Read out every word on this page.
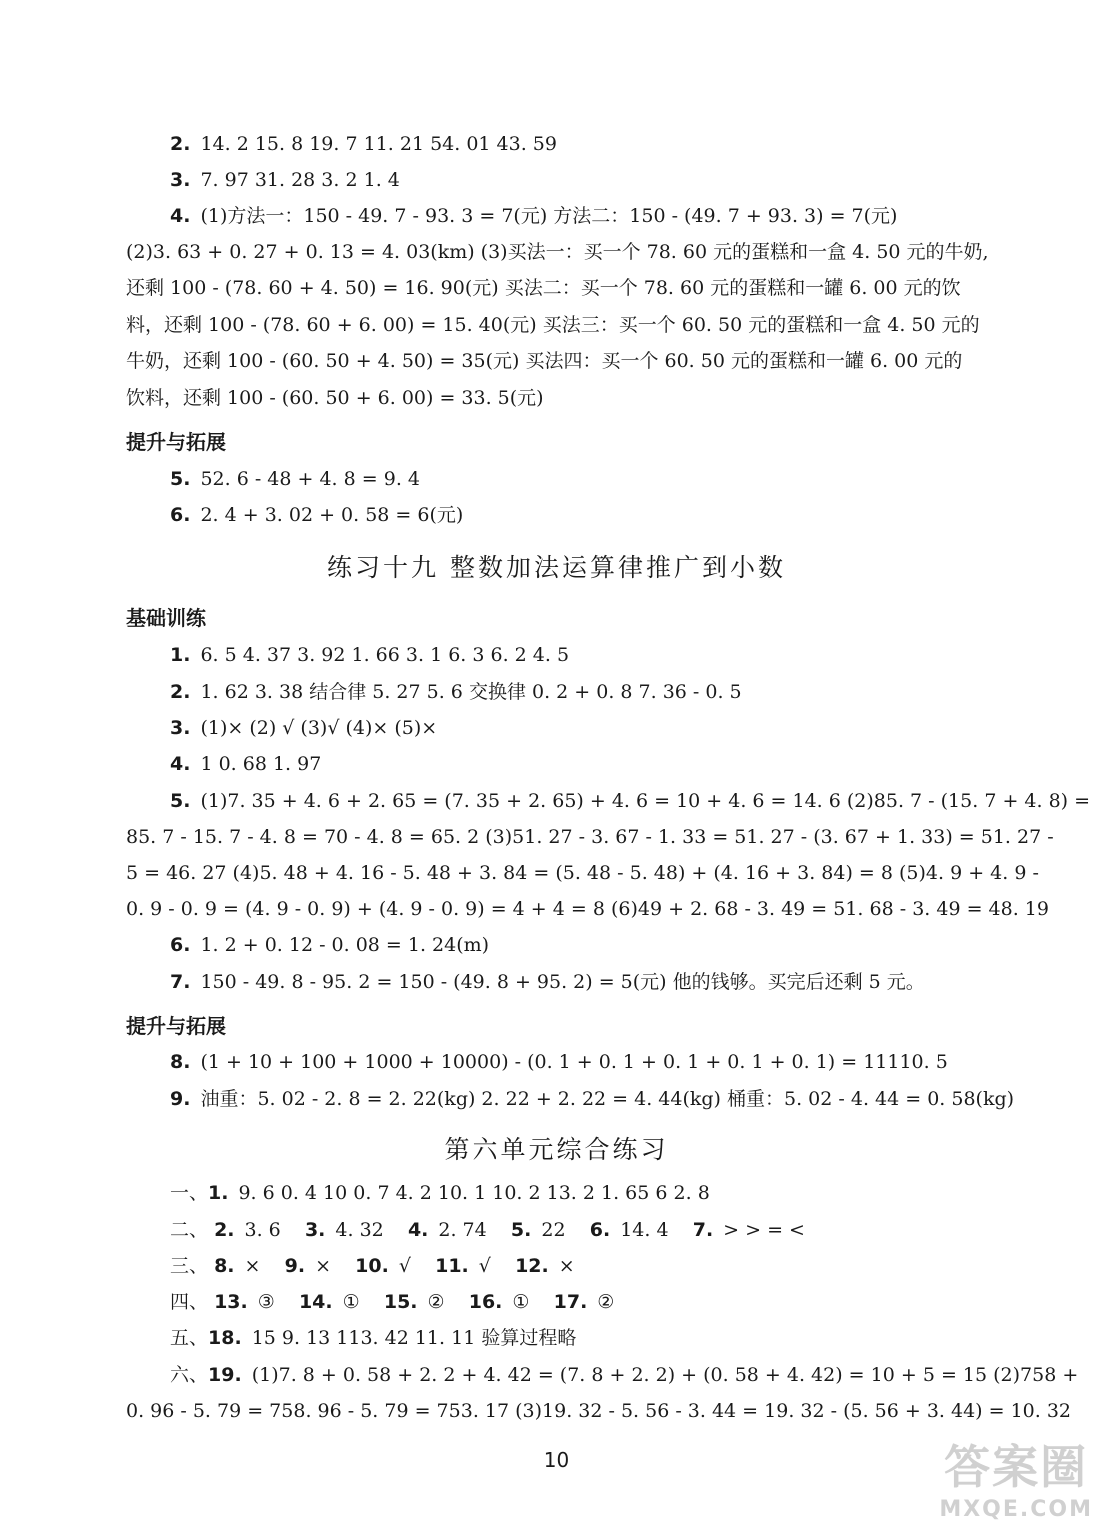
2. 14. 2 15. 8 19. 7 11. 21 54. 01 43. 59
3. 7. 97 31. 28 3. 2 1. 4
4. (1)方法一：150 - 49. 7 - 93. 3 = 7(元) 方法二：150 - (49. 7 + 93. 3) = 7(元)
(2)3. 63 + 0. 27 + 0. 13 = 4. 03(km) (3)买法一：买一个 78. 60 元的蛋糕和一盒 4. 50 元的牛奶,
还剩 100 - (78. 60 + 4. 50) = 16. 90(元) 买法二：买一个 78. 60 元的蛋糕和一罐 6. 00 元的饮
料，还剩 100 - (78. 60 + 6. 00) = 15. 40(元) 买法三：买一个 60. 50 元的蛋糕和一盒 4. 50 元的
牛奶，还剩 100 - (60. 50 + 4. 50) = 35(元) 买法四：买一个 60. 50 元的蛋糕和一罐 6. 00 元的
饮料，还剩 100 - (60. 50 + 6. 00) = 33. 5(元)
提升与拓展
5. 52. 6 - 48 + 4. 8 = 9. 4
6. 2. 4 + 3. 02 + 0. 58 = 6(元)
练习十九 整数加法运算律推广到小数
基础训练
1. 6. 5 4. 37 3. 92 1. 66 3. 1 6. 3 6. 2 4. 5
2. 1. 62 3. 38 结合律 5. 27 5. 6 交换律 0. 2 + 0. 8 7. 36 - 0. 5
3. (1)× (2) √ (3)√ (4)× (5)×
4. 1 0. 68 1. 97
5. (1)7. 35 + 4. 6 + 2. 65 = (7. 35 + 2. 65) + 4. 6 = 10 + 4. 6 = 14. 6 (2)85. 7 - (15. 7 + 4. 8) =
85. 7 - 15. 7 - 4. 8 = 70 - 4. 8 = 65. 2 (3)51. 27 - 3. 67 - 1. 33 = 51. 27 - (3. 67 + 1. 33) = 51. 27 -
5 = 46. 27 (4)5. 48 + 4. 16 - 5. 48 + 3. 84 = (5. 48 - 5. 48) + (4. 16 + 3. 84) = 8 (5)4. 9 + 4. 9 -
0. 9 - 0. 9 = (4. 9 - 0. 9) + (4. 9 - 0. 9) = 4 + 4 = 8 (6)49 + 2. 68 - 3. 49 = 51. 68 - 3. 49 = 48. 19
6. 1. 2 + 0. 12 - 0. 08 = 1. 24(m)
7. 150 - 49. 8 - 95. 2 = 150 - (49. 8 + 95. 2) = 5(元) 他的钱够。买完后还剩 5 元。
提升与拓展
8. (1 + 10 + 100 + 1000 + 10000) - (0. 1 + 0. 1 + 0. 1 + 0. 1 + 0. 1) = 11110. 5
9. 油重：5. 02 - 2. 8 = 2. 22(kg) 2. 22 + 2. 22 = 4. 44(kg) 桶重：5. 02 - 4. 44 = 0. 58(kg)
第六单元综合练习
一、1. 9. 6 0. 4 10 0. 7 4. 2 10. 1 10. 2 13. 2 1. 65 6 2. 8
二、 2. 3. 6 3. 4. 32 4. 2. 74 5. 22 6. 14. 4 7. > > = <
三、 8. × 9. × 10. √ 11. √ 12. ×
四、 13. ③ 14. ① 15. ② 16. ① 17. ②
五、18. 15 9. 13 113. 42 11. 11 验算过程略
六、19. (1)7. 8 + 0. 58 + 2. 2 + 4. 42 = (7. 8 + 2. 2) + (0. 58 + 4. 42) = 10 + 5 = 15 (2)758 +
0. 96 - 5. 79 = 758. 96 - 5. 79 = 753. 17 (3)19. 32 - 5. 56 - 3. 44 = 19. 32 - (5. 56 + 3. 44) = 10. 32
10	答案圈
MXQE.COM
